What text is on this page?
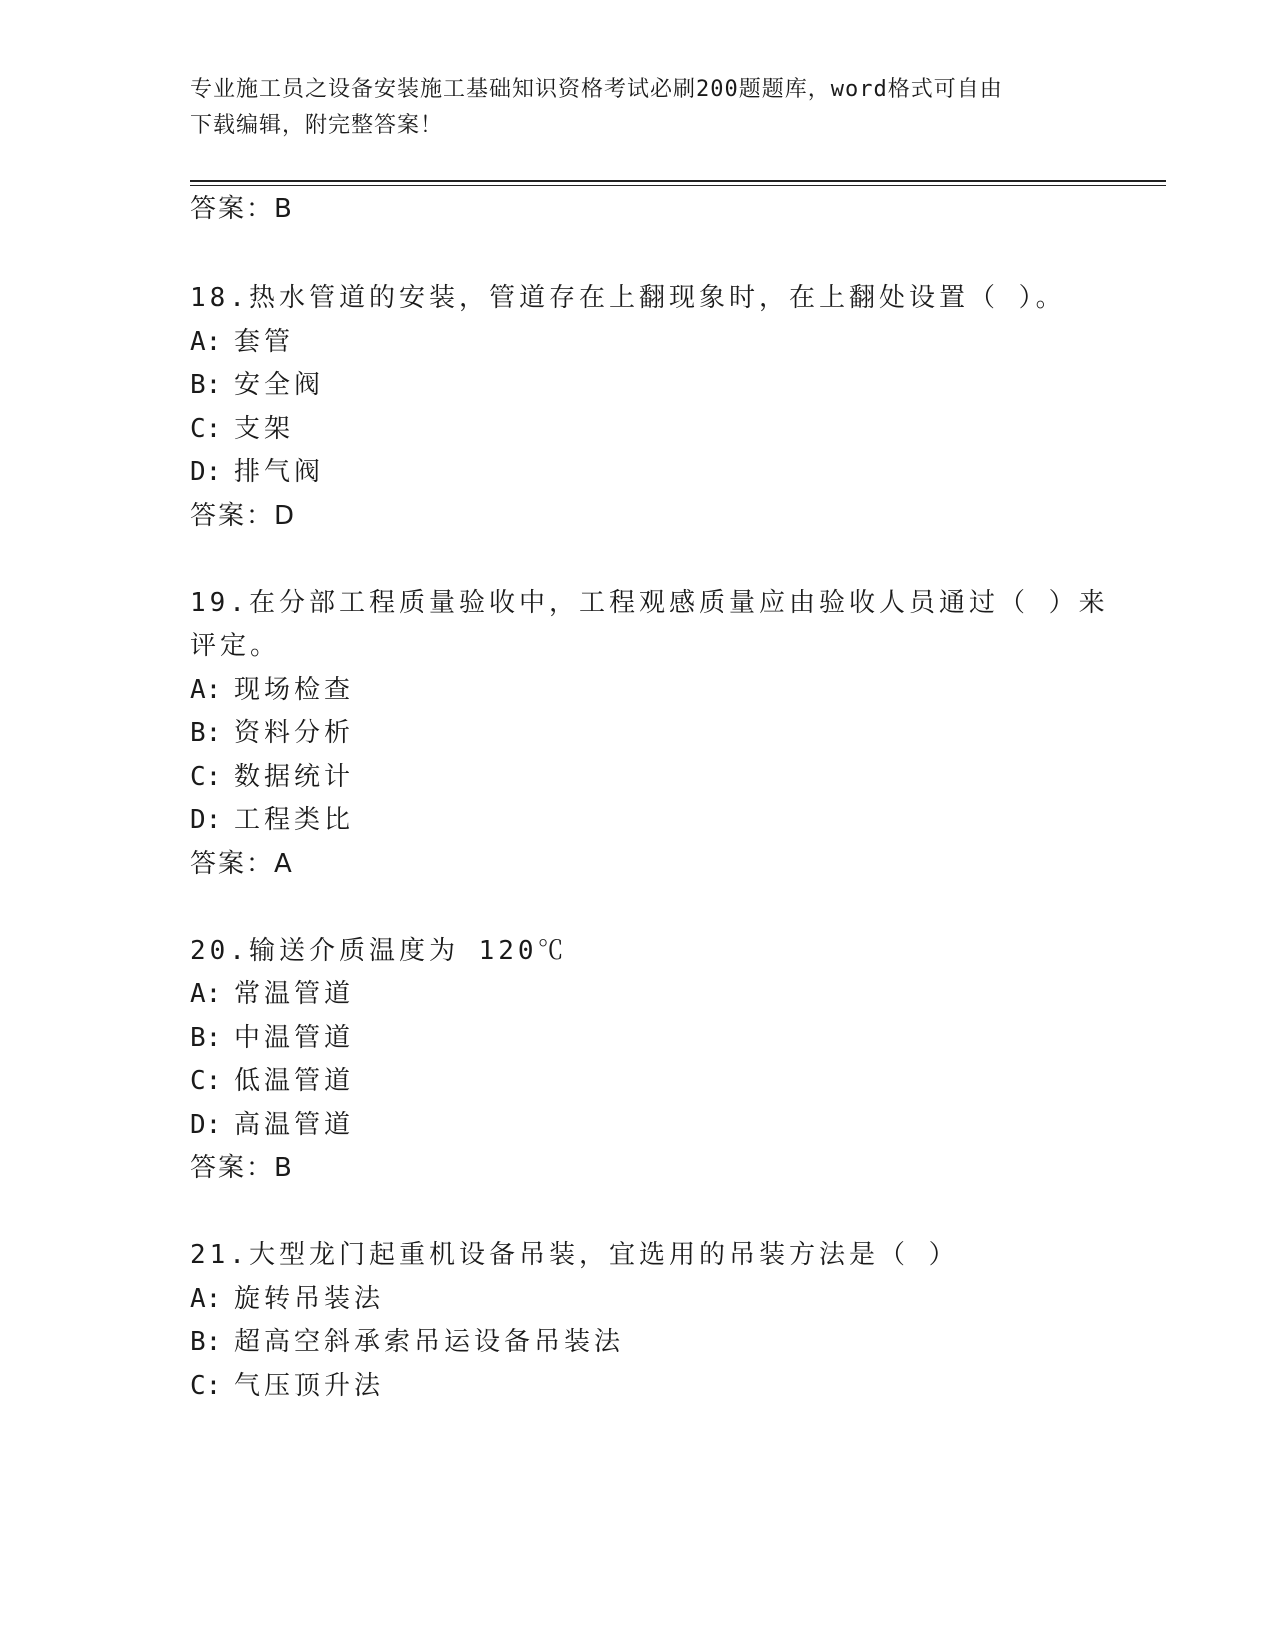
专业施工员之设备安装施工基础知识资格考试必刷200题题库，word格式可自由
下载编辑，附完整答案！
答案：B
18.热水管道的安装，管道存在上翻现象时，在上翻处设置（ ）。
A: 套管
B: 安全阀
C: 支架
D: 排气阀
答案：D
19.在分部工程质量验收中，工程观感质量应由验收人员通过（ ）来
评定。
A: 现场检查
B: 资料分析
C: 数据统计
D: 工程类比
答案：A
20.输送介质温度为 120℃
A: 常温管道
B: 中温管道
C: 低温管道
D: 高温管道
答案：B
21.大型龙门起重机设备吊装，宜选用的吊装方法是（ ）
A: 旋转吊装法
B: 超高空斜承索吊运设备吊装法
C: 气压顶升法
